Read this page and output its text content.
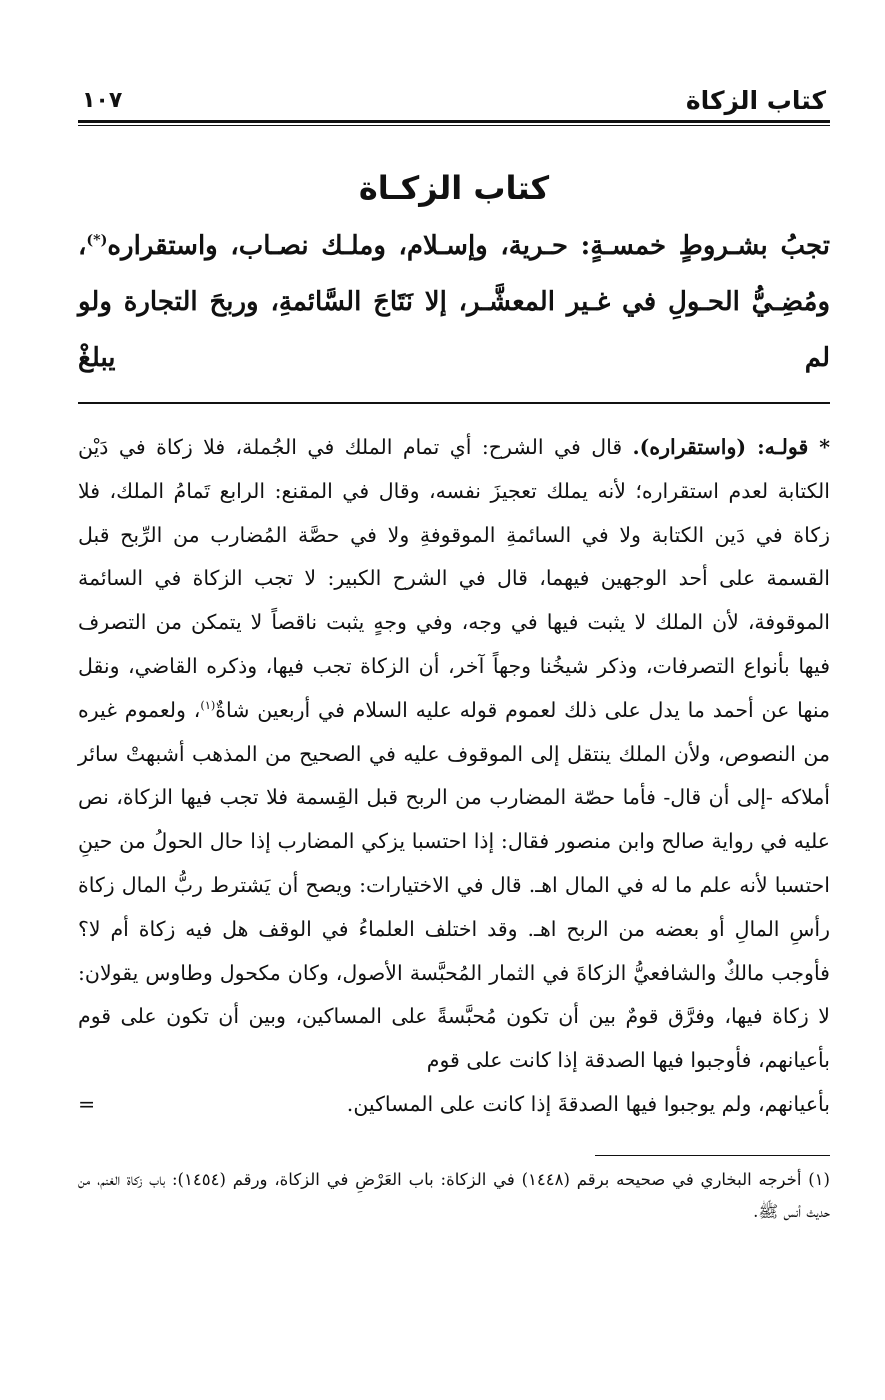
كتاب الزكاة
١٠٧
كتاب الزكـاة
تجبُ بشـروطٍ خمسـةٍ: حـرية، وإسـلام، وملـك نصـاب، واستقراره(*)،
ومُضِـيُّ الحـولِ في غـير المعشَّـر، إلا نَتَاجَ السَّائمةِ، وربحَ التجارة ولو لم يبلغْ
* قولـه: (واستقراره). قال في الشرح: أي تمام الملك في الجُملة، فلا زكاة في دَيْن الكتابة لعدم استقراره؛ لأنه يملك تعجيزَ نفسه، وقال في المقنع: الرابع تَمامُ الملك، فلا زكاة في دَين الكتابة ولا في السائمةِ الموقوفةِ ولا في حصَّة المُضارب من الرِّبح قبل القسمة على أحد الوجهين فيهما، قال في الشرح الكبير: لا تجب الزكاة في السائمة الموقوفة، لأن الملك لا يثبت فيها في وجه، وفي وجهٍ يثبت ناقصاً لا يتمكن من التصرف فيها بأنواع التصرفات، وذكر شيخُنا وجهاً آخر، أن الزكاة تجب فيها، وذكره القاضي، ونقل منها عن أحمد ما يدل على ذلك لعموم قوله عليه السلام في أربعين شاةٌ$^{(١)}$، ولعموم غيره من النصوص، ولأن الملك ينتقل إلى الموقوف عليه في الصحيح من المذهب أشبهتْ سائر أملاكه -إلى أن قال- فأما حصّة المضارب من الربح قبل القِسمة فلا تجب فيها الزكاة، نص عليه في رواية صالح وابن منصور فقال: إذا احتسبا يزكي المضارب إذا حال الحولُ من حينِ احتسبا لأنه علم ما له في المال اهـ. قال في الاختيارات: ويصح أن يَشترط ربُّ المال زكاة رأسِ المالِ أو بعضه من الربح اهـ. وقد اختلف العلماءُ في الوقف هل فيه زكاة أم لا؟ فأوجب مالكٌ والشافعيُّ الزكاةَ في الثمار المُحبَّسة الأصول، وكان مكحول وطاوس يقولان: لا زكاة فيها، وفرَّق قومٌ بين أن تكون مُحبَّسةً على المساكين، وبين أن تكون على قوم بأعيانهم، فأوجبوا فيها الصدقة إذا كانت على قوم
بأعيانهم، ولم يوجبوا فيها الصدقةَ إذا كانت على المساكين.
=
(١) أخرجه البخاري في صحيحه برقم (١٤٤٨) في الزكاة: باب العَرْضِ في الزكاة، ورقم (١٤٥٤): باب زكاة الغنم، من حديث أنس ﷺ.
